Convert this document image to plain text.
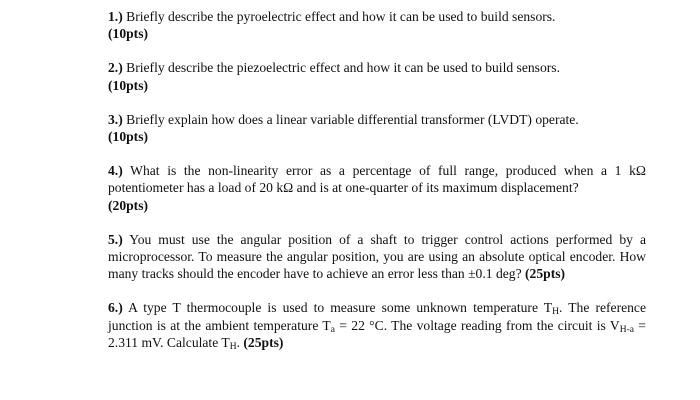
1.) Briefly describe the pyroelectric effect and how it can be used to build sensors.
(10pts)

2.) Briefly describe the piezoelectric effect and how it can be used to build sensors.
(10pts)

3.) Briefly explain how does a linear variable differential transformer (LVDT) operate.
(10pts)

4.) What is the non-linearity error as a percentage of full range, produced when a 1 kΩ potentiometer has a load of 20 kΩ and is at one-quarter of its maximum displacement?
(20pts)

5.) You must use the angular position of a shaft to trigger control actions performed by a microprocessor. To measure the angular position, you are using an absolute optical encoder. How many tracks should the encoder have to achieve an error less than ±0.1 deg? (25pts)

6.) A type T thermocouple is used to measure some unknown temperature $T_H$. The reference junction is at the ambient temperature $T_a = 22$ °C. The voltage reading from the circuit is $V_{H-a} = 2.311$ mV. Calculate $T_H$. (25pts)
